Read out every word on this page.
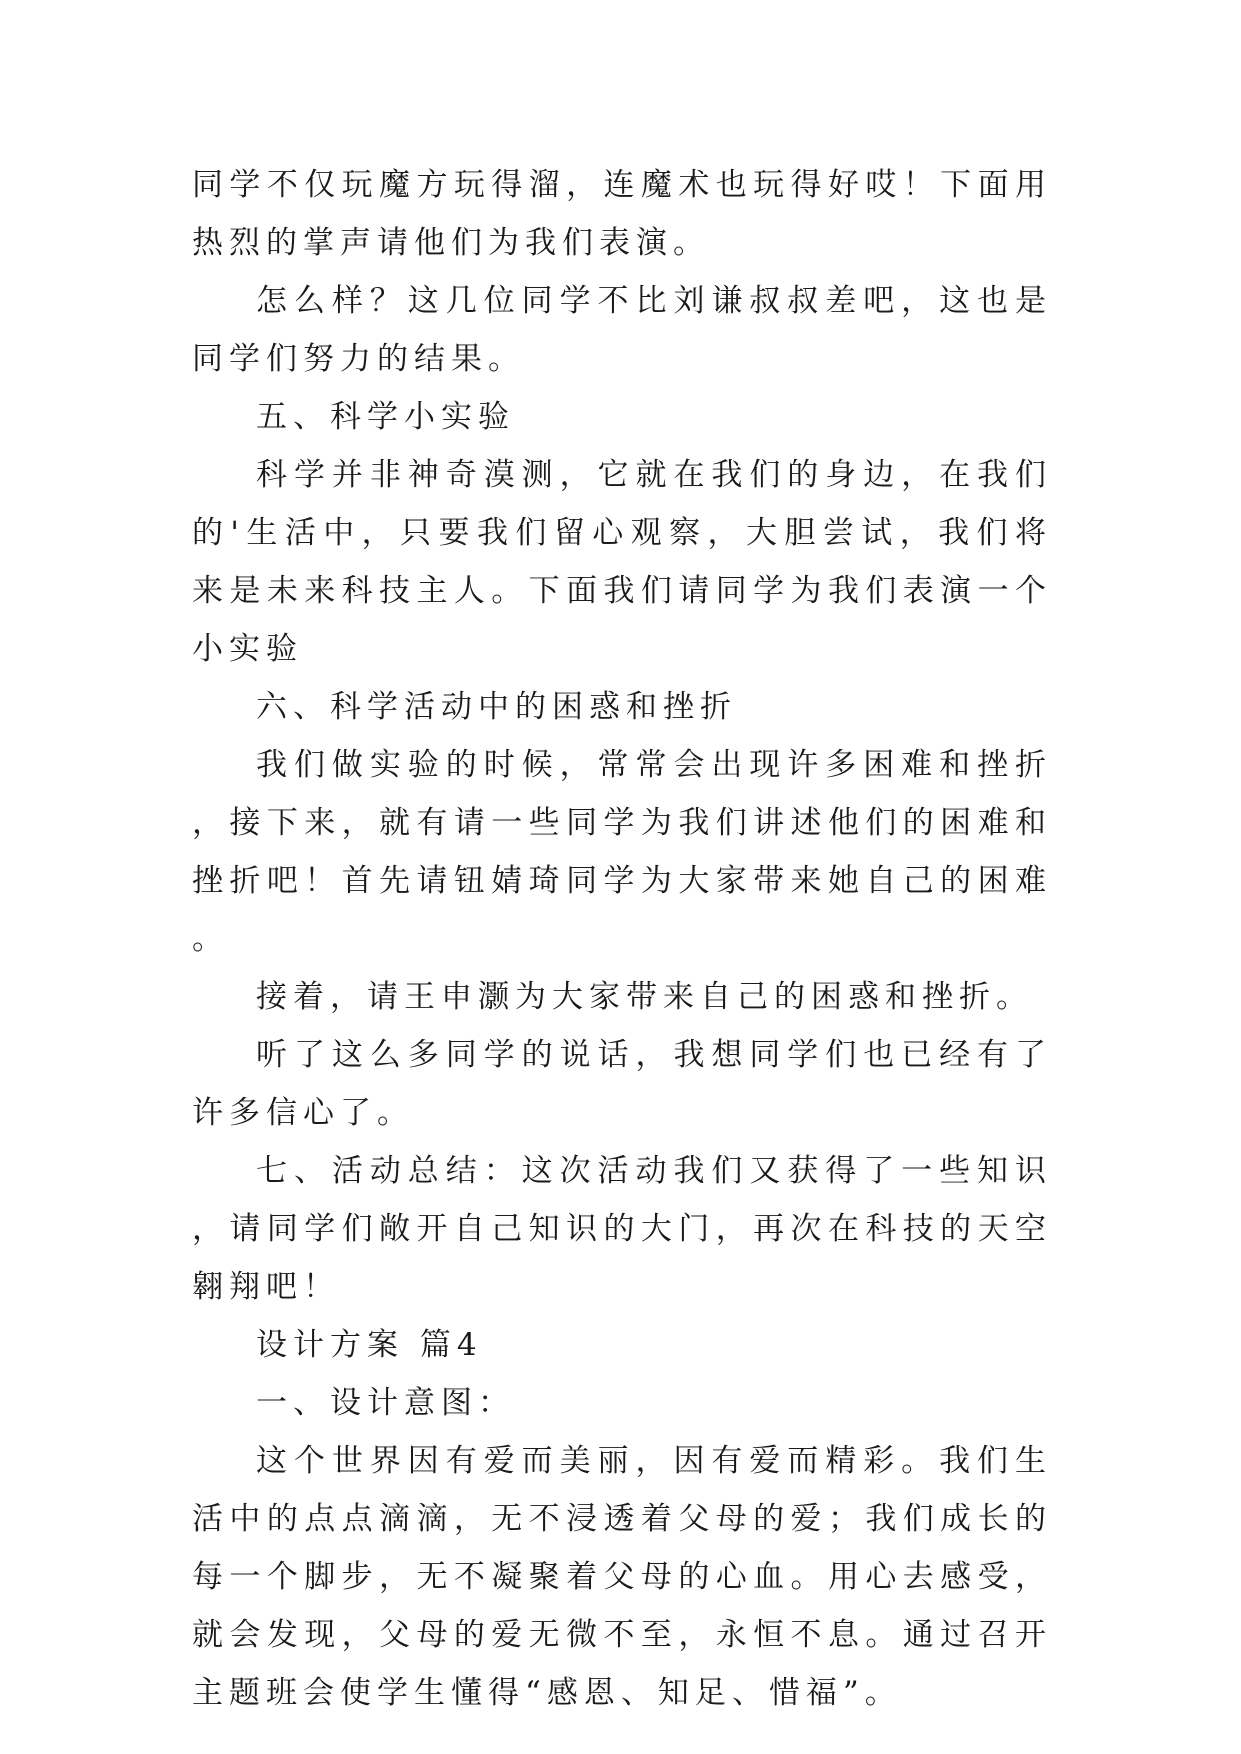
同学不仅玩魔方玩得溜，连魔术也玩得好哎！下面用热烈的掌声请他们为我们表演。

怎么样？这几位同学不比刘谦叔叔差吧，这也是同学们努力的结果。

五、科学小实验

科学并非神奇漠测，它就在我们的身边，在我们的'生活中，只要我们留心观察，大胆尝试，我们将来是未来科技主人。下面我们请同学为我们表演一个小实验

六、科学活动中的困惑和挫折

我们做实验的时候，常常会出现许多困难和挫折，接下来，就有请一些同学为我们讲述他们的困难和挫折吧！首先请钮婧琦同学为大家带来她自己的困难。

接着，请王申灏为大家带来自己的困惑和挫折。

听了这么多同学的说话，我想同学们也已经有了许多信心了。

七、活动总结：这次活动我们又获得了一些知识，请同学们敞开自己知识的大门，再次在科技的天空翱翔吧！

设计方案 篇4

一、设计意图：

这个世界因有爱而美丽，因有爱而精彩。我们生活中的点点滴滴，无不浸透着父母的爱；我们成长的每一个脚步，无不凝聚着父母的心血。用心去感受，就会发现，父母的爱无微不至，永恒不息。通过召开主题班会使学生懂得“感恩、知足、惜福”。
